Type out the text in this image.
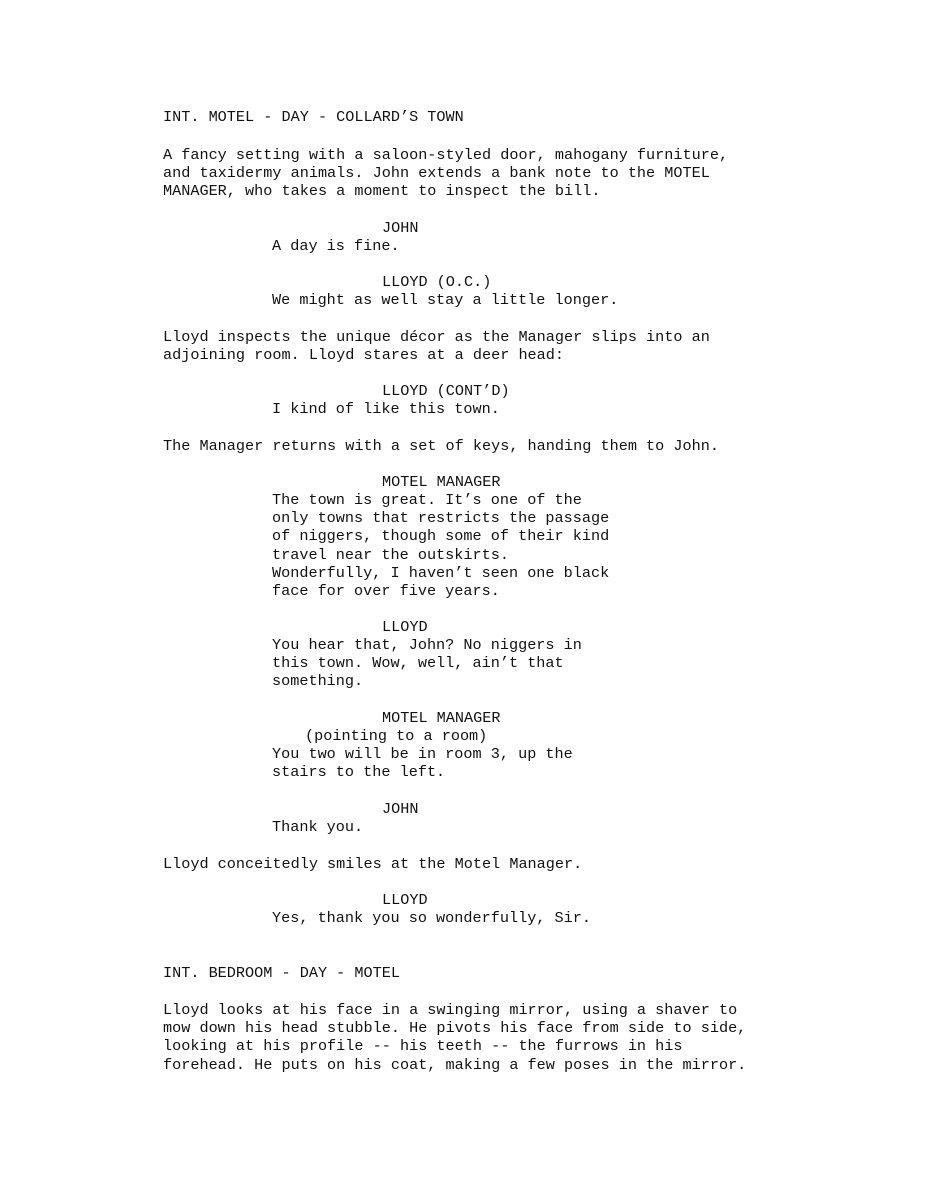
INT. MOTEL - DAY - COLLARD’S TOWN
A fancy setting with a saloon-styled door, mahogany furniture,
and taxidermy animals. John extends a bank note to the MOTEL
MANAGER, who takes a moment to inspect the bill.
JOHN
A day is fine.
LLOYD (O.C.)
We might as well stay a little longer.
Lloyd inspects the unique décor as the Manager slips into an
adjoining room. Lloyd stares at a deer head:
LLOYD (CONT’D)
I kind of like this town.
The Manager returns with a set of keys, handing them to John.
MOTEL MANAGER
The town is great. It’s one of the
only towns that restricts the passage
of niggers, though some of their kind
travel near the outskirts.
Wonderfully, I haven’t seen one black
face for over five years.
LLOYD
You hear that, John? No niggers in
this town. Wow, well, ain’t that
something.
MOTEL MANAGER
(pointing to a room)
You two will be in room 3, up the
stairs to the left.
JOHN
Thank you.
Lloyd conceitedly smiles at the Motel Manager.
LLOYD
Yes, thank you so wonderfully, Sir.
INT. BEDROOM - DAY - MOTEL
Lloyd looks at his face in a swinging mirror, using a shaver to
mow down his head stubble. He pivots his face from side to side,
looking at his profile -- his teeth -- the furrows in his
forehead. He puts on his coat, making a few poses in the mirror.
